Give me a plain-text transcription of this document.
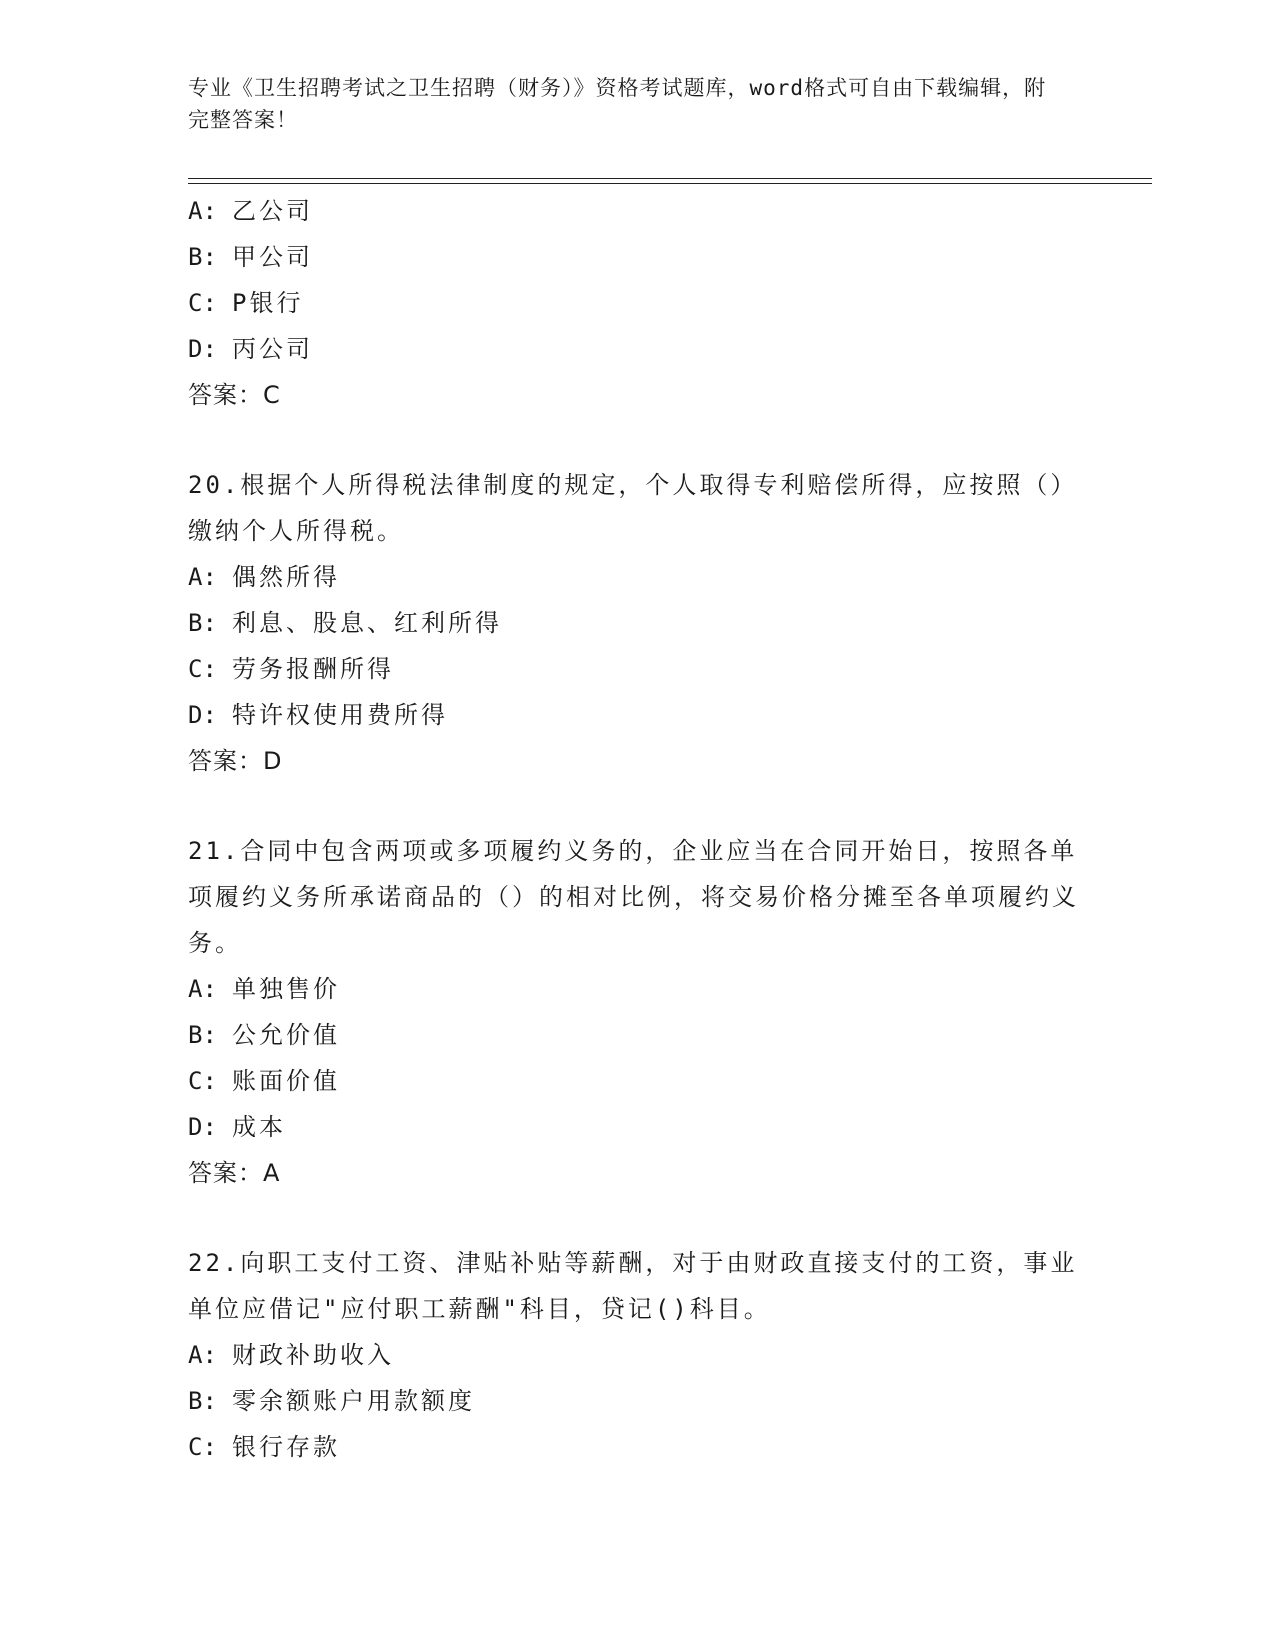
专业《卫生招聘考试之卫生招聘（财务）》资格考试题库，word格式可自由下载编辑，附完整答案！
A: 乙公司
B: 甲公司
C: P银行
D: 丙公司
答案：C
20.根据个人所得税法律制度的规定，个人取得专利赔偿所得，应按照（）缴纳个人所得税。
A: 偶然所得
B: 利息、股息、红利所得
C: 劳务报酬所得
D: 特许权使用费所得
答案：D
21.合同中包含两项或多项履约义务的，企业应当在合同开始日，按照各单项履约义务所承诺商品的（）的相对比例，将交易价格分摊至各单项履约义务。
A: 单独售价
B: 公允价值
C: 账面价值
D: 成本
答案：A
22.向职工支付工资、津贴补贴等薪酬，对于由财政直接支付的工资，事业单位应借记"应付职工薪酬"科目，贷记()科目。
A: 财政补助收入
B: 零余额账户用款额度
C: 银行存款
